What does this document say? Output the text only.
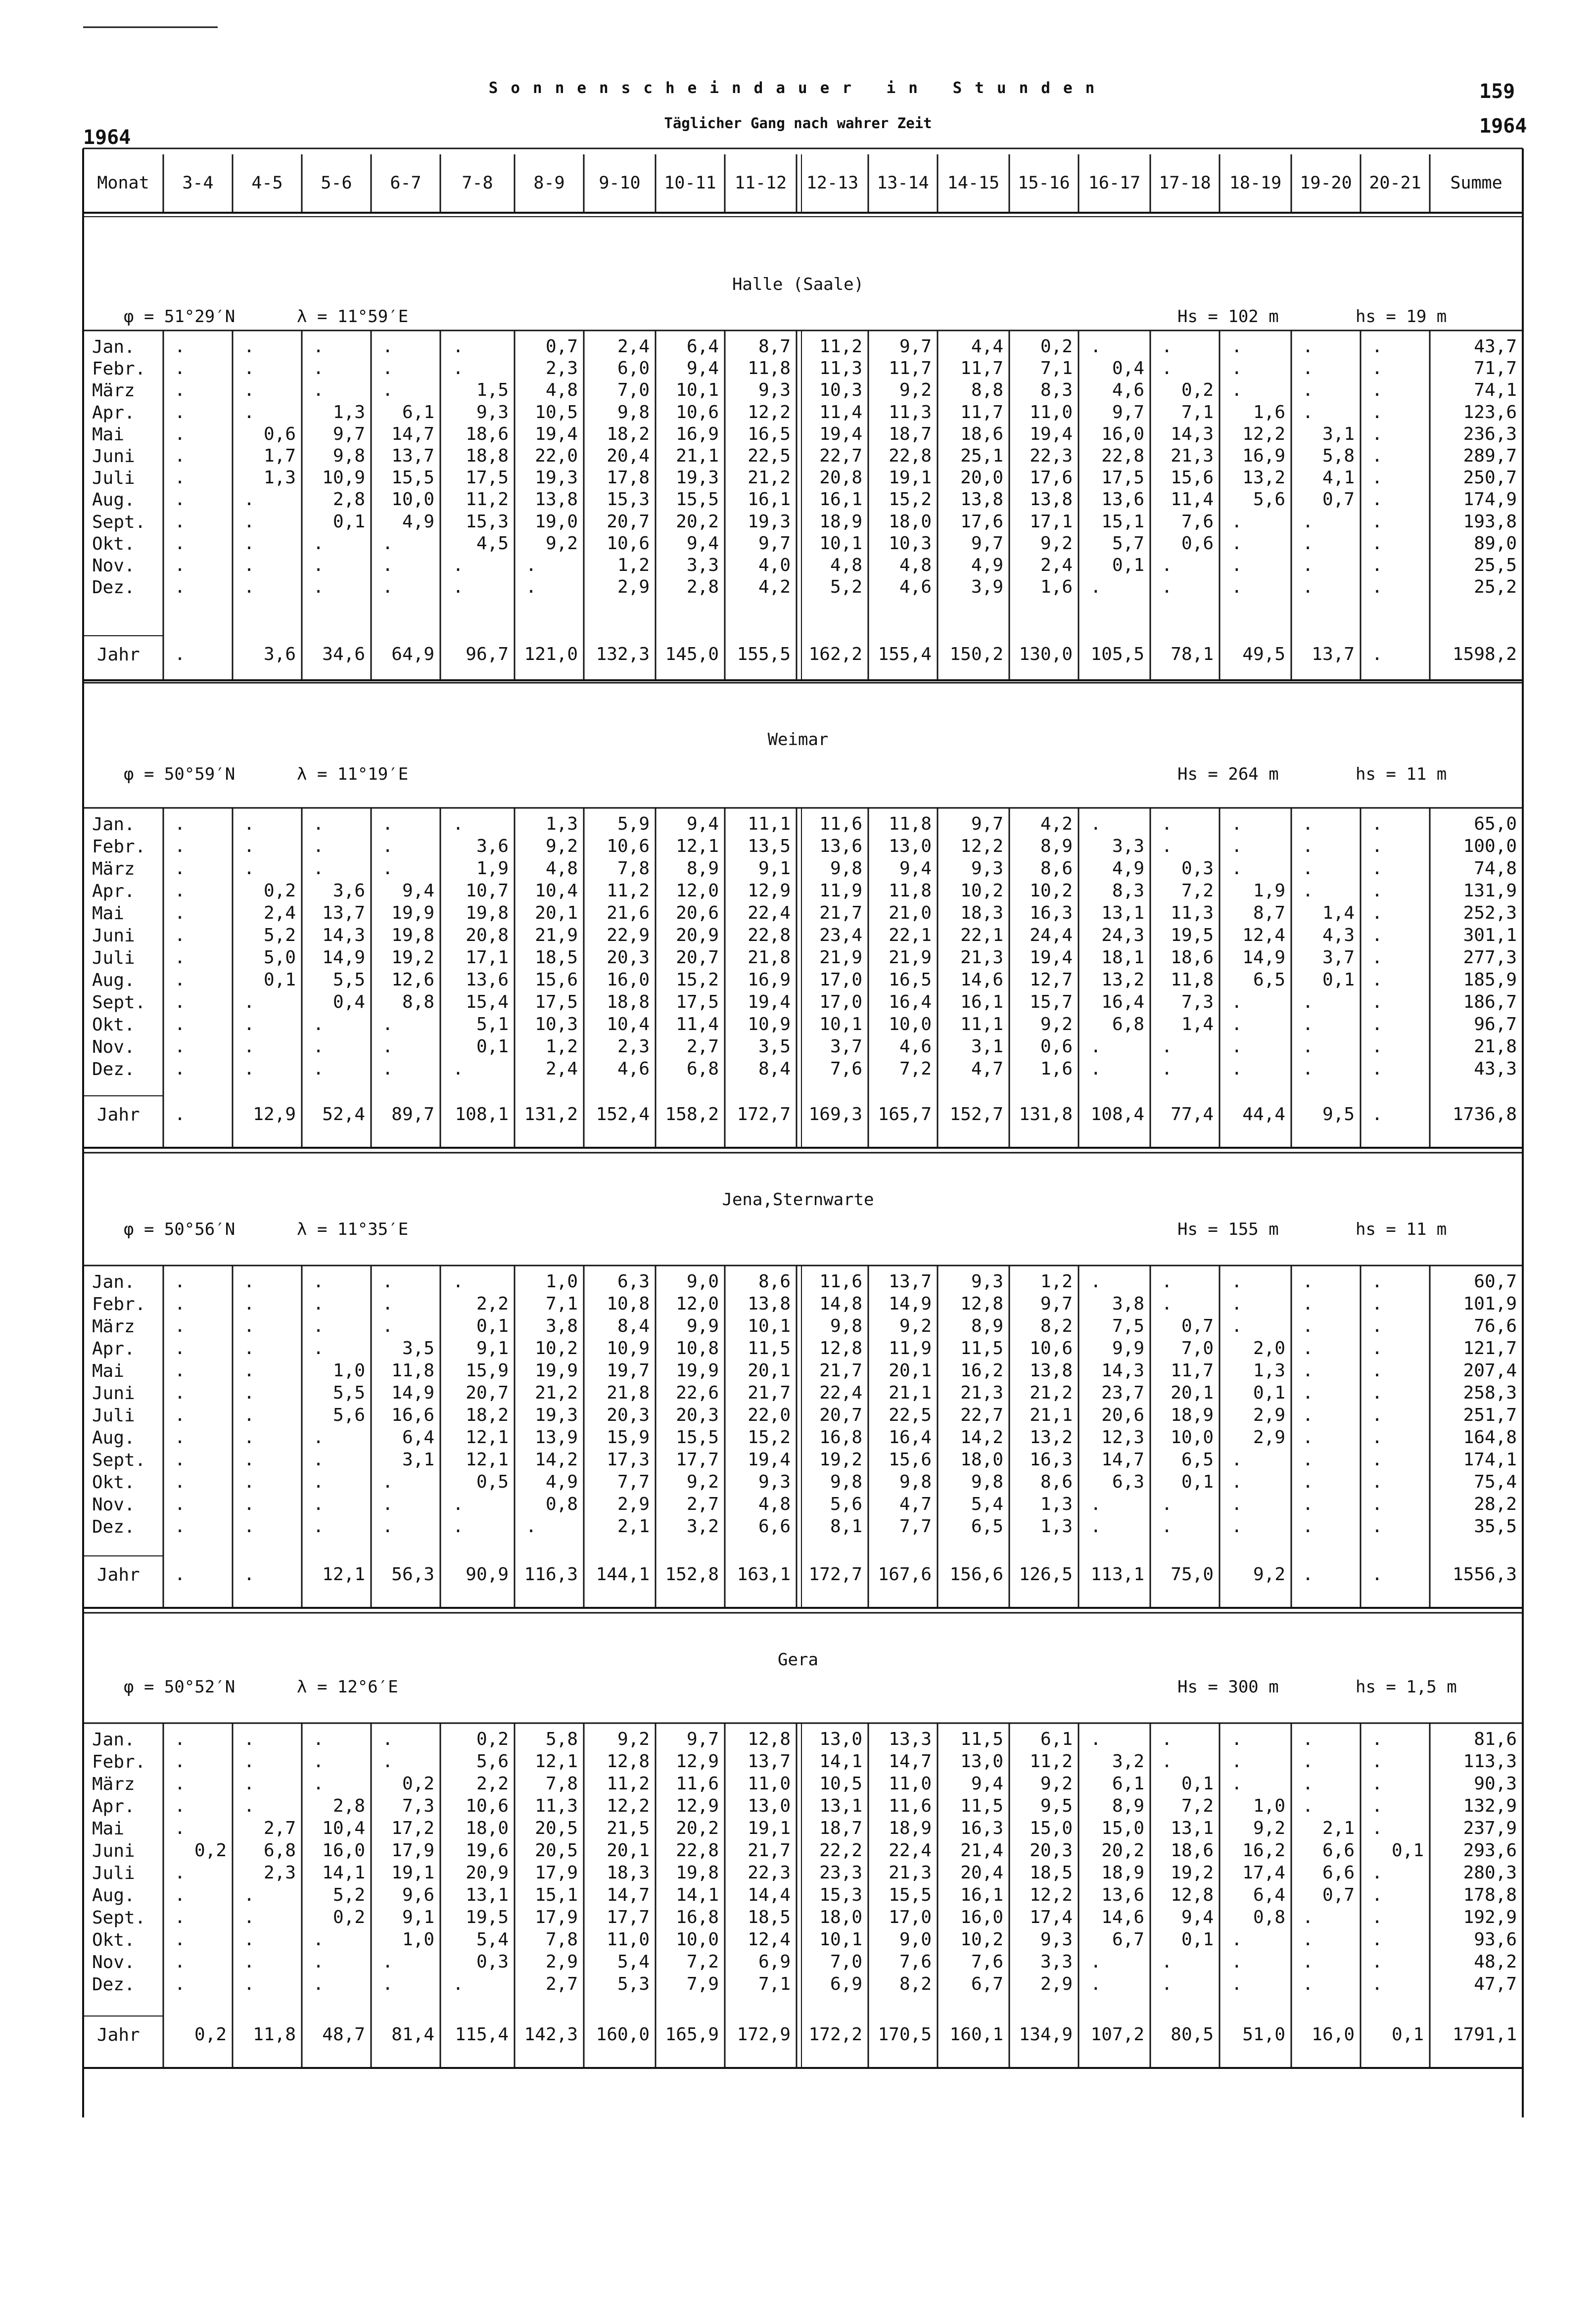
Sonnenscheindauer in Stunden
Täglicher Gang nach wahrer Zeit
1964
159
1964
Monat	3-4	4-5	5-6	6-7	7-8	8-9	9-10	10-11	11-12	12-13	13-14	14-15	15-16	16-17	17-18	18-19	19-20 20-21	Summe
Halle (Saale)
φ = 51°29′N	λ = 11°59′E	Hs = 102 m	hs = 19 m
Jan.	.	.	.	.	.	0,7	2,4	6,4	8,7	11,2	9,7	4,4	0,2 .	.	.	.	.	43,7
Febr.	.	.	.	.	.	2,3	6,0	9,4	11,8	11,3	11,7	11,7	7,1	0,4 .	.	.	.	71,7
März	.	.	.	.	1,5	4,8	7,0	10,1	9,3	10,3	9,2	8,8	8,3	4,6	0,2 .	.	.	74,1
Apr.	.	.	1,3	6,1	9,3	10,5	9,8	10,6	12,2	11,4	11,3	11,7	11,0	9,7	7,1	1,6 .	.	123,6
Mai	.	0,6	9,7	14,7	18,6	19,4	18,2	16,9	16,5	19,4	18,7	18,6	19,4	16,0	14,3	12,2	3,1 .	236,3
Juni	.	1,7	9,8	13,7	18,8	22,0	20,4	21,1	22,5	22,7	22,8	25,1	22,3	22,8	21,3	16,9	5,8 .	289,7
Juli	.	1,3	10,9	15,5	17,5	19,3	17,8	19,3	21,2	20,8	19,1	20,0	17,6	17,5	15,6	13,2	4,1 .	250,7
Aug.	.	.	2,8	10,0	11,2	13,8	15,3	15,5	16,1	16,1	15,2	13,8	13,8	13,6	11,4	5,6	0,7 .	174,9
Sept.	.	.	0,1	4,9	15,3	19,0	20,7	20,2	19,3	18,9	18,0	17,6	17,1	15,1	7,6 .	.	.	193,8
Okt.	.	.	.	.	4,5	9,2	10,6	9,4	9,7	10,1	10,3	9,7	9,2	5,7	0,6 .	.	.	89,0
Nov.	.	.	.	.	.	.	1,2	3,3	4,0	4,8	4,8	4,9	2,4	0,1 .	.	.	.	25,5
Dez.	.	.	.	.	.	.	2,9	2,8	4,2	5,2	4,6	3,9	1,6 .	.	.	.	.	25,2
Jahr	.	3,6	34,6	64,9	96,7 121,0	132,3 145,0	155,5	162,2 155,4	150,2 130,0	105,5	78,1	49,5	13,7 .	1598,2
Weimar
φ = 50°59′N	λ = 11°19′E	Hs = 264 m	hs = 11 m
Jan.	.	.	.	.	.	1,3	5,9	9,4	11,1	11,6	11,8	9,7	4,2 .	.	.	.	.	65,0
Febr.	.	.	.	.	3,6	9,2	10,6	12,1	13,5	13,6	13,0	12,2	8,9	3,3 .	.	.	.	100,0
März	.	.	.	.	1,9	4,8	7,8	8,9	9,1	9,8	9,4	9,3	8,6	4,9	0,3 .	.	.	74,8
Apr.	.	0,2	3,6	9,4	10,7	10,4	11,2	12,0	12,9	11,9	11,8	10,2	10,2	8,3	7,2	1,9 .	.	131,9
Mai	.	2,4	13,7	19,9	19,8	20,1	21,6	20,6	22,4	21,7	21,0	18,3	16,3	13,1	11,3	8,7	1,4 .	252,3
Juni	.	5,2	14,3	19,8	20,8	21,9	22,9	20,9	22,8	23,4	22,1	22,1	24,4	24,3	19,5	12,4	4,3 .	301,1
Juli	.	5,0	14,9	19,2	17,1	18,5	20,3	20,7	21,8	21,9	21,9	21,3	19,4	18,1	18,6	14,9	3,7 .	277,3
Aug.	.	0,1	5,5	12,6	13,6	15,6	16,0	15,2	16,9	17,0	16,5	14,6	12,7	13,2	11,8	6,5	0,1 .	185,9
Sept.	.	.	0,4	8,8	15,4	17,5	18,8	17,5	19,4	17,0	16,4	16,1	15,7	16,4	7,3 .	.	.	186,7
Okt.	.	.	.	.	5,1	10,3	10,4	11,4	10,9	10,1	10,0	11,1	9,2	6,8	1,4 .	.	.	96,7
Nov.	.	.	.	.	0,1	1,2	2,3	2,7	3,5	3,7	4,6	3,1	0,6 .	.	.	.	.	21,8
Dez.	.	.	.	.	.	2,4	4,6	6,8	8,4	7,6	7,2	4,7	1,6 .	.	.	.	.	43,3
Jahr	.	12,9	52,4	89,7	108,1 131,2	152,4 158,2	172,7	169,3 165,7	152,7 131,8	108,4	77,4	44,4	9,5 .	1736,8
Jena,Sternwarte
φ = 50°56′N	λ = 11°35′E	Hs = 155 m	hs = 11 m
Jan.	.	.	.	.	.	1,0	6,3	9,0	8,6	11,6	13,7	9,3	1,2 .	.	.	.	.	60,7
Febr.	.	.	.	.	2,2	7,1	10,8	12,0	13,8	14,8	14,9	12,8	9,7	3,8 .	.	.	.	101,9
März	.	.	.	.	0,1	3,8	8,4	9,9	10,1	9,8	9,2	8,9	8,2	7,5	0,7 .	.	.	76,6
Apr.	.	.	.	3,5	9,1	10,2	10,9	10,8	11,5	12,8	11,9	11,5	10,6	9,9	7,0	2,0 .	.	121,7
Mai	.	.	1,0	11,8	15,9	19,9	19,7	19,9	20,1	21,7	20,1	16,2	13,8	14,3	11,7	1,3 .	.	207,4
Juni	.	.	5,5	14,9	20,7	21,2	21,8	22,6	21,7	22,4	21,1	21,3	21,2	23,7	20,1	0,1 .	.	258,3
Juli	.	.	5,6	16,6	18,2	19,3	20,3	20,3	22,0	20,7	22,5	22,7	21,1	20,6	18,9	2,9 .	.	251,7
Aug.	.	.	.	6,4	12,1	13,9	15,9	15,5	15,2	16,8	16,4	14,2	13,2	12,3	10,0	2,9 .	.	164,8
Sept.	.	.	.	3,1	12,1	14,2	17,3	17,7	19,4	19,2	15,6	18,0	16,3	14,7	6,5 .	.	.	174,1
Okt.	.	.	.	.	0,5	4,9	7,7	9,2	9,3	9,8	9,8	9,8	8,6	6,3	0,1 .	.	.	75,4
Nov.	.	.	.	.	.	0,8	2,9	2,7	4,8	5,6	4,7	5,4	1,3 .	.	.	.	.	28,2
Dez.	.	.	.	.	.	.	2,1	3,2	6,6	8,1	7,7	6,5	1,3 .	.	.	.	.	35,5
Jahr	.	.	12,1	56,3	90,9 116,3	144,1 152,8	163,1	172,7 167,6	156,6 126,5	113,1	75,0	9,2 .	.	1556,3
Gera
φ = 50°52′N	λ = 12°6′E	Hs = 300 m	hs = 1,5 m
Jan.	.	.	.	.	0,2	5,8	9,2	9,7	12,8	13,0	13,3	11,5	6,1 .	.	.	.	.	81,6
Febr.	.	.	.	.	5,6	12,1	12,8	12,9	13,7	14,1	14,7	13,0	11,2	3,2 .	.	.	.	113,3
März	.	.	.	0,2	2,2	7,8	11,2	11,6	11,0	10,5	11,0	9,4	9,2	6,1	0,1 .	.	.	90,3
Apr.	.	.	2,8	7,3	10,6	11,3	12,2	12,9	13,0	13,1	11,6	11,5	9,5	8,9	7,2	1,0 .	.	132,9
Mai	.	2,7	10,4	17,2	18,0	20,5	21,5	20,2	19,1	18,7	18,9	16,3	15,0	15,0	13,1	9,2	2,1 .	237,9
Juni	0,2	6,8	16,0	17,9	19,6	20,5	20,1	22,8	21,7	22,2	22,4	21,4	20,3	20,2	18,6	16,2	6,6	0,1	293,6
Juli	.	2,3	14,1	19,1	20,9	17,9	18,3	19,8	22,3	23,3	21,3	20,4	18,5	18,9	19,2	17,4	6,6 .	280,3
Aug.	.	.	5,2	9,6	13,1	15,1	14,7	14,1	14,4	15,3	15,5	16,1	12,2	13,6	12,8	6,4	0,7 .	178,8
Sept.	.	.	0,2	9,1	19,5	17,9	17,7	16,8	18,5	18,0	17,0	16,0	17,4	14,6	9,4	0,8 .	.	192,9
Okt.	.	.	.	1,0	5,4	7,8	11,0	10,0	12,4	10,1	9,0	10,2	9,3	6,7	0,1 .	.	.	93,6
Nov.	.	.	.	.	0,3	2,9	5,4	7,2	6,9	7,0	7,6	7,6	3,3 .	.	.	.	.	48,2
Dez.	.	.	.	.	.	2,7	5,3	7,9	7,1	6,9	8,2	6,7	2,9 .	.	.	.	.	47,7
Jahr	0,2	11,8	48,7	81,4	115,4 142,3	160,0 165,9	172,9	172,2 170,5	160,1 134,9	107,2	80,5	51,0	16,0	0,1	1791,1
